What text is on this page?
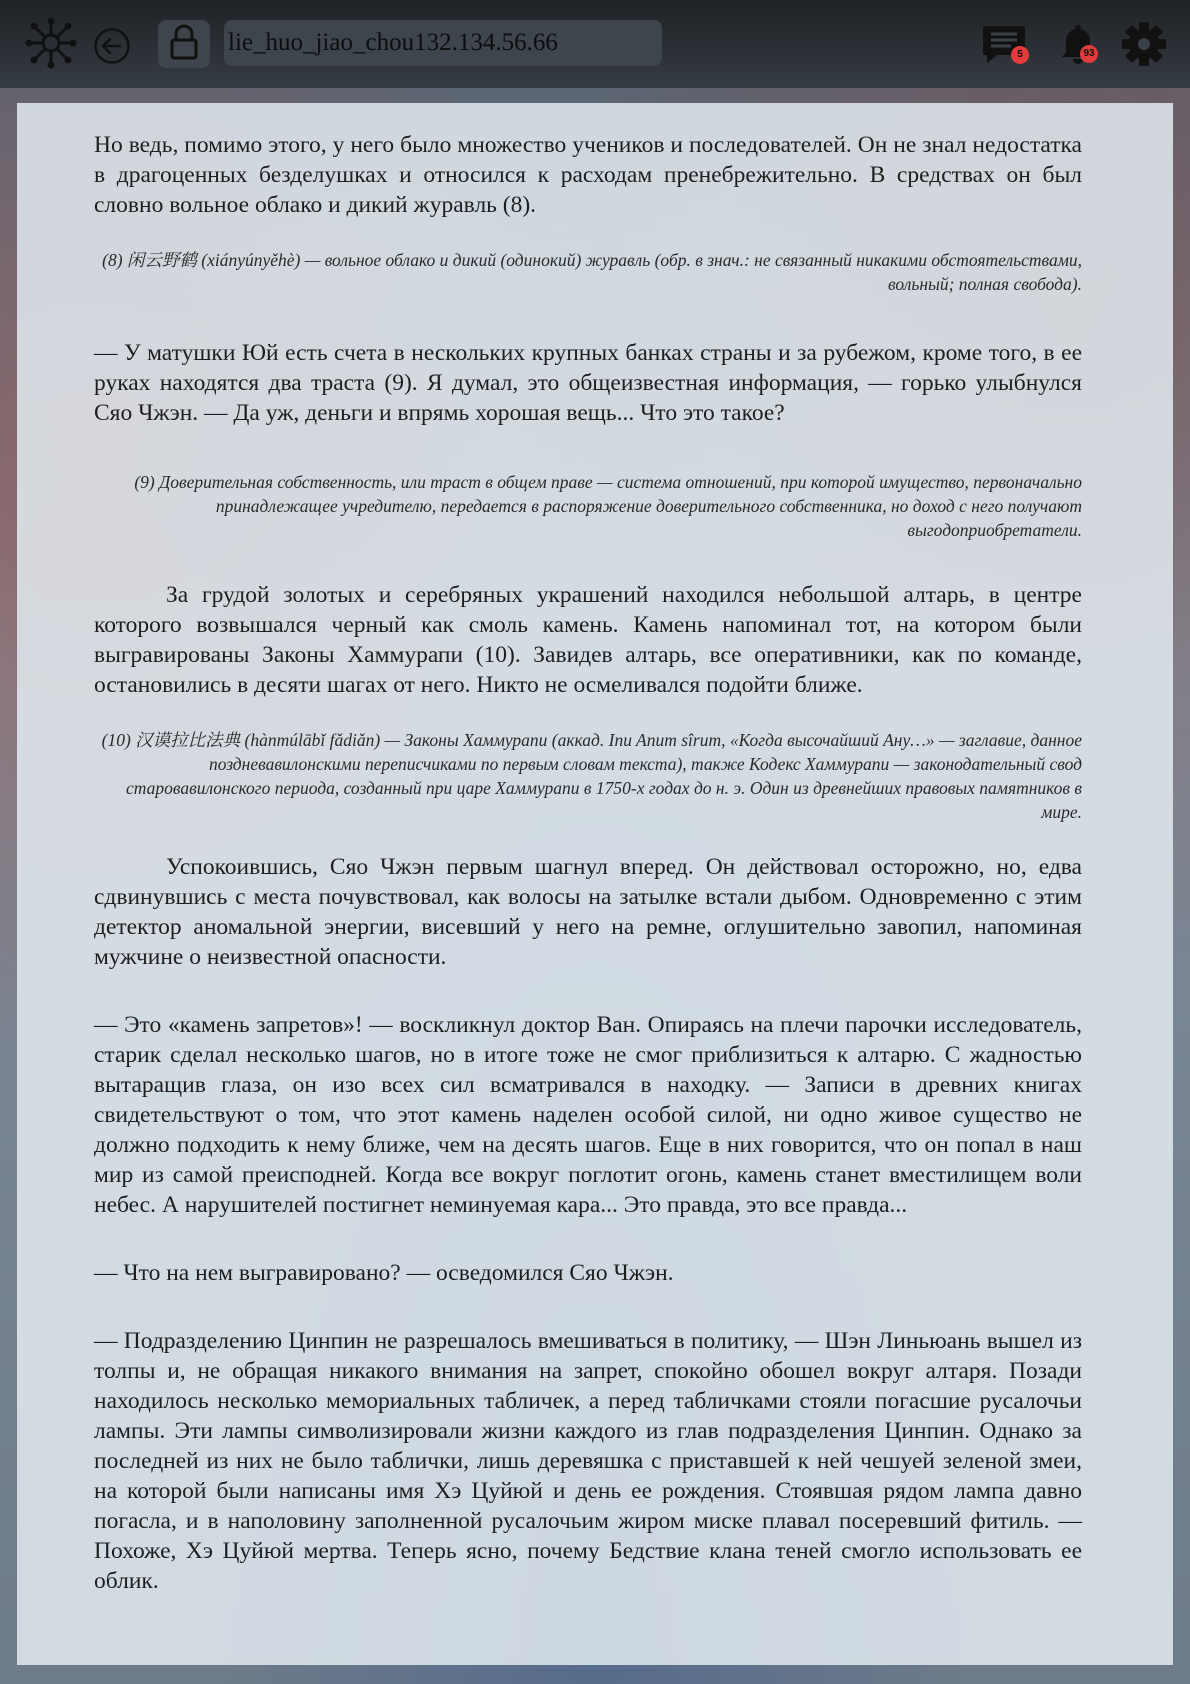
lie_huo_jiao_chou132.134.56.66	5	93

Но ведь, помимо этого, у него было множество учеников и последователей. Он не знал недостатка в драгоценных безделушках и относился к расходам пренебрежительно. В средствах он был словно вольное облако и дикий журавль (8).

(8) 闲云野鹤 (xiányúnyěhè) — вольное облако и дикий (одинокий) журавль (обр. в знач.: не связанный никакими обстоятельствами, вольный; полная свобода).

— У матушки Юй есть счета в нескольких крупных банках страны и за рубежом, кроме того, в ее руках находятся два траста (9). Я думал, это общеизвестная информация, — горько улыбнулся Сяо Чжэн. — Да уж, деньги и впрямь хорошая вещь... Что это такое?

(9) Доверительная собственность, или траст в общем праве — система отношений, при которой имущество, первоначально принадлежащее учредителю, передается в распоряжение доверительного собственника, но доход с него получают выгодоприобретатели.

За грудой золотых и серебряных украшений находился небольшой алтарь, в центре которого возвышался черный как смоль камень. Камень напоминал тот, на котором были выгравированы Законы Хаммурапи (10). Завидев алтарь, все оперативники, как по команде, остановились в десяти шагах от него. Никто не осмеливался подойти ближе.

(10) 汉谟拉比法典 (hànmúlābǐ fǎdiǎn) — Законы Хаммурапи (аккад. Inu Anum sîrum, «Когда высочайший Ану…» — заглавие, данное поздневавилонскими переписчиками по первым словам текста), также Кодекс Хаммурапи — законодательный свод старовавилонского периода, созданный при царе Хаммурапи в 1750-х годах до н. э. Один из древнейших правовых памятников в мире.

Успокоившись, Сяо Чжэн первым шагнул вперед. Он действовал осторожно, но, едва сдвинувшись с места почувствовал, как волосы на затылке встали дыбом. Одновременно с этим детектор аномальной энергии, висевший у него на ремне, оглушительно завопил, напоминая мужчине о неизвестной опасности.

— Это «камень запретов»! — воскликнул доктор Ван. Опираясь на плечи парочки исследователь, старик сделал несколько шагов, но в итоге тоже не смог приблизиться к алтарю. С жадностью вытаращив глаза, он изо всех сил всматривался в находку. — Записи в древних книгах свидетельствуют о том, что этот камень наделен особой силой, ни одно живое существо не должно подходить к нему ближе, чем на десять шагов. Еще в них говорится, что он попал в наш мир из самой преисподней. Когда все вокруг поглотит огонь, камень станет вместилищем воли небес. А нарушителей постигнет неминуемая кара... Это правда, это все правда...

— Что на нем выгравировано? — осведомился Сяо Чжэн.

— Подразделению Цинпин не разрешалось вмешиваться в политику, — Шэн Линьюань вышел из толпы и, не обращая никакого внимания на запрет, спокойно обошел вокруг алтаря. Позади находилось несколько мемориальных табличек, а перед табличками стояли погасшие русалочьи лампы. Эти лампы символизировали жизни каждого из глав подразделения Цинпин. Однако за последней из них не было таблички, лишь деревяшка с приставшей к ней чешуей зеленой змеи, на которой были написаны имя Хэ Цуйюй и день ее рождения. Стоявшая рядом лампа давно погасла, и в наполовину заполненной русалочьим жиром миске плавал посеревший фитиль. — Похоже, Хэ Цуйюй мертва. Теперь ясно, почему Бедствие клана теней смогло использовать ее облик.
